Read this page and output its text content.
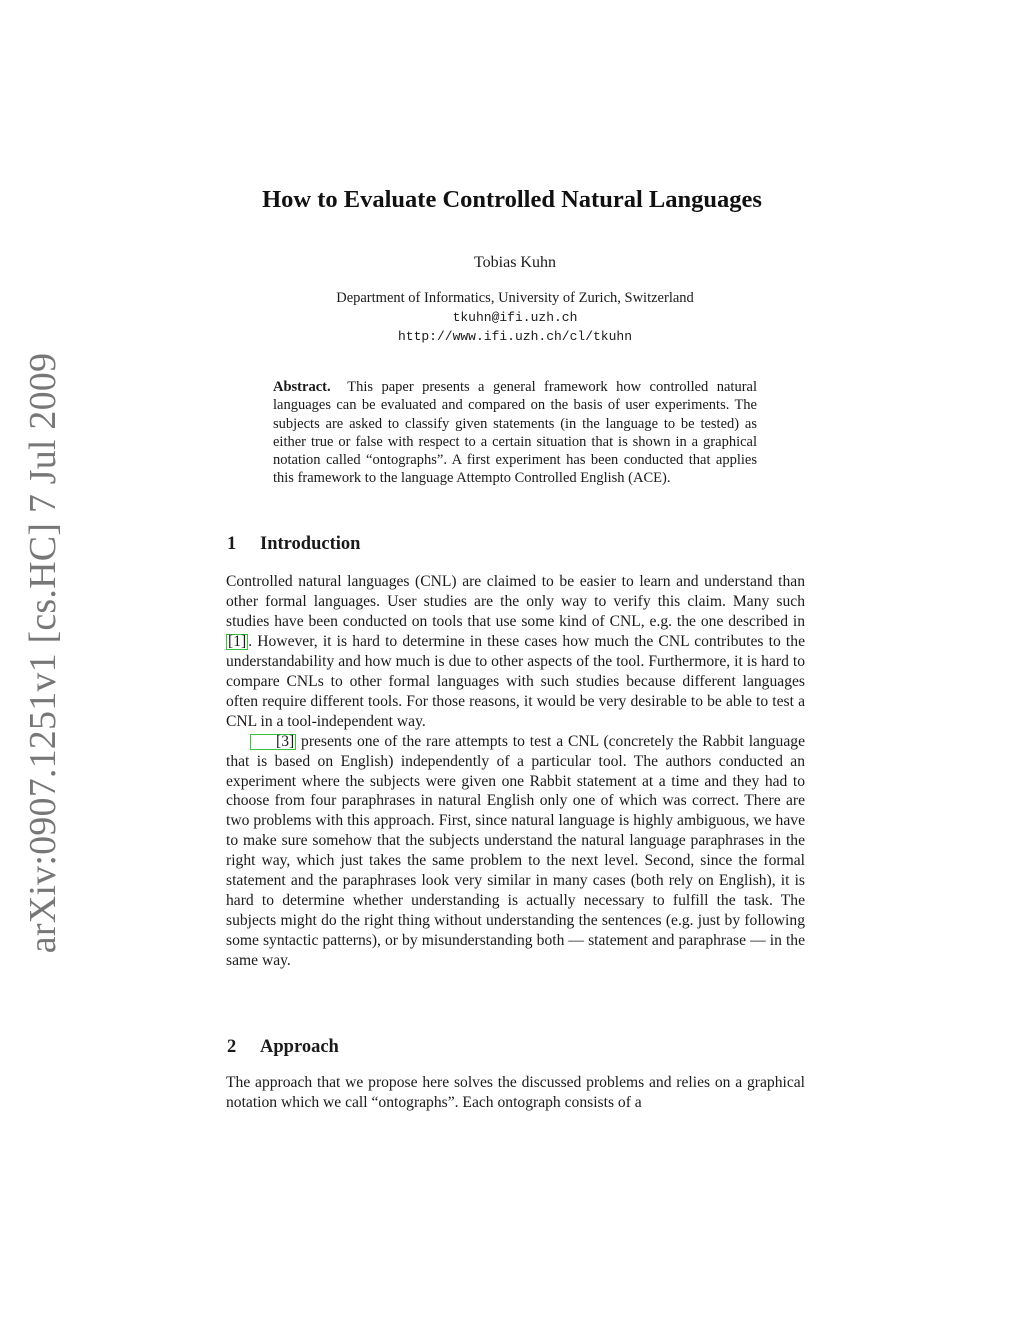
arXiv:0907.1251v1 [cs.HC] 7 Jul 2009
How to Evaluate Controlled Natural Languages
Tobias Kuhn
Department of Informatics, University of Zurich, Switzerland
tkuhn@ifi.uzh.ch
http://www.ifi.uzh.ch/cl/tkuhn

Abstract. This paper presents a general framework how controlled natural languages can be evaluated and compared on the basis of user experiments. The subjects are asked to classify given statements (in the language to be tested) as either true or false with respect to a certain situation that is shown in a graphical notation called “ontographs”. A first experiment has been conducted that applies this framework to the language Attempto Controlled English (ACE).

1 Introduction

Controlled natural languages (CNL) are claimed to be easier to learn and understand than other formal languages. User studies are the only way to verify this claim. Many such studies have been conducted on tools that use some kind of CNL, e.g. the one described in [1] . However, it is hard to determine in these cases how much the CNL contributes to the understandability and how much is due to other aspects of the tool. Furthermore, it is hard to compare CNLs to other formal languages with such studies because different languages often require different tools. For those reasons, it would be very desirable to be able to test a CNL in a tool-independent way.

[3] presents one of the rare attempts to test a CNL (concretely the Rabbit language that is based on English) independently of a particular tool. The authors conducted an experiment where the subjects were given one Rabbit statement at a time and they had to choose from four paraphrases in natural English only one of which was correct. There are two problems with this approach. First, since natural language is highly ambiguous, we have to make sure somehow that the subjects understand the natural language paraphrases in the right way, which just takes the same problem to the next level. Second, since the formal statement and the paraphrases look very similar in many cases (both rely on English), it is hard to determine whether understanding is actually necessary to fulfill the task. The subjects might do the right thing without understanding the sentences (e.g. just by following some syntactic patterns), or by misunderstanding both — statement and paraphrase — in the same way.

2 Approach

The approach that we propose here solves the discussed problems and relies on a graphical notation which we call “ontographs”. Each ontograph consists of a
